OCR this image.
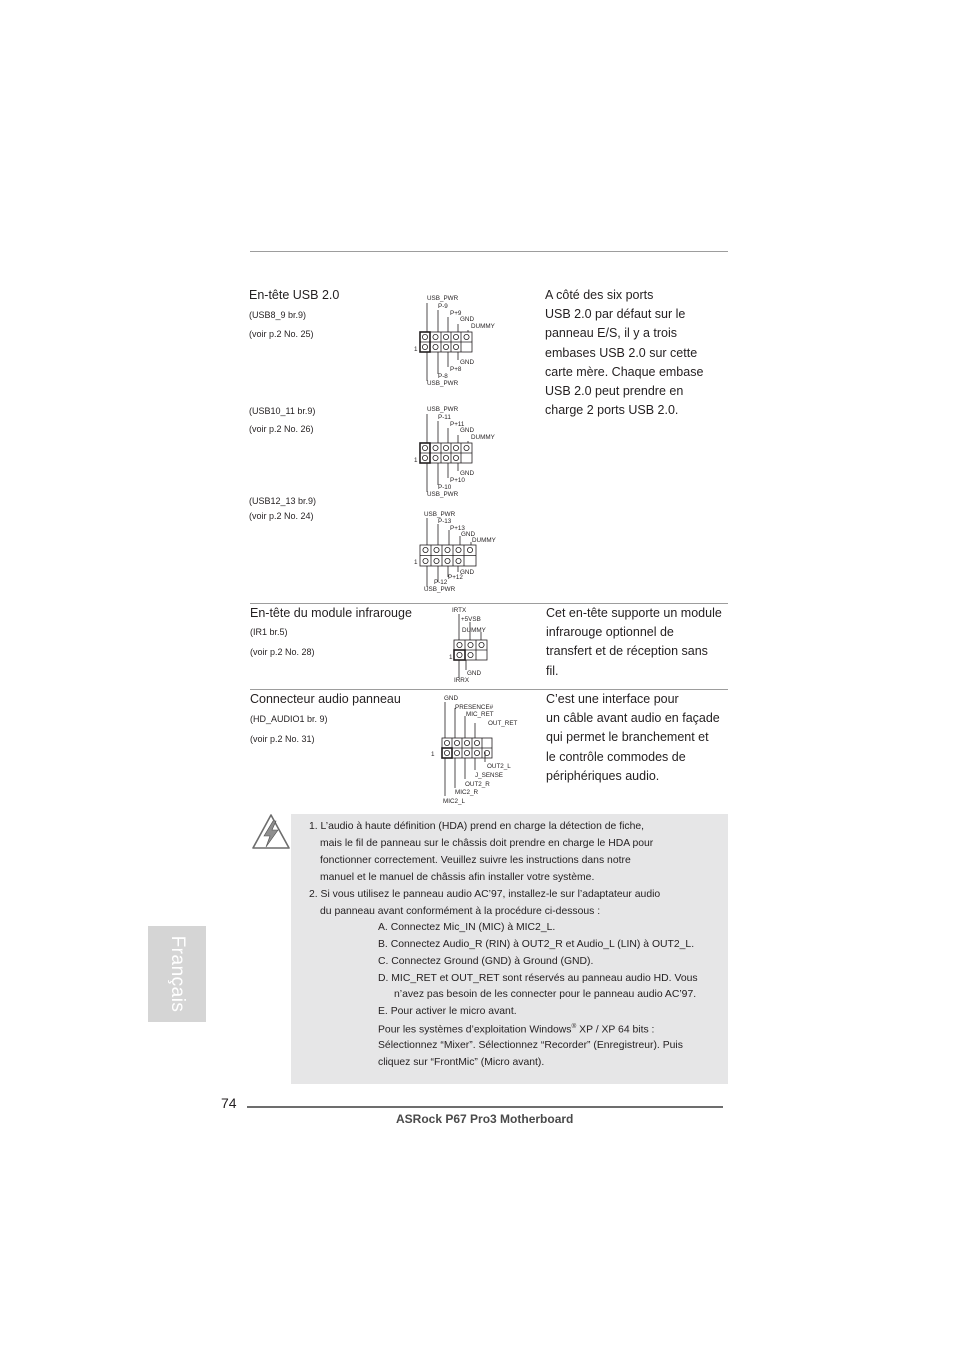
En-tête USB 2.0
(USB8_9 br.9)
(voir p.2 No. 25)
(USB10_11 br.9)
(voir p.2 No. 26)
(USB12_13 br.9)
(voir p.2 No. 24)
A côté des six ports
USB 2.0 par défaut sur le
panneau E/S, il y a trois
embases USB 2.0 sur cette
carte mère. Chaque embase
USB 2.0 peut prendre en
charge 2 ports USB 2.0.
USB_PWR
P-9
P+9
GND
DUMMY
1
GND
P+8
P-8
USB_PWR
USB_PWR
P-11
P+11
GND
DUMMY
1
GND
P+10
P-10
USB_PWR
USB_PWR
P-13
P+13
GND
DUMMY
1
GND
P+12
P-12
USB_PWR
En-tête du module infrarouge
(IR1 br.5)
(voir p.2 No. 28)
Cet en-tête supporte un module
infrarouge optionnel de
transfert et de réception sans
fil.
IRTX
+5VSB
DUMMY
1
GND
IRRX
Connecteur audio panneau
(HD_AUDIO1 br. 9)
(voir p.2 No. 31)
C’est une interface pour
un câble avant audio en façade
qui permet le branchement et
le contrôle commodes de
périphériques audio.
GND
PRESENCE#
MIC_RET
OUT_RET
1
OUT2_L
J_SENSE
OUT2_R
MIC2_R
MIC2_L
1. L’audio à haute définition (HDA) prend en charge la détection de fiche,
mais le fil de panneau sur le châssis doit prendre en charge le HDA pour
fonctionner correctement. Veuillez suivre les instructions dans notre
manuel et le manuel de châssis afin installer votre système.
2. Si vous utilisez le panneau audio AC’97, installez-le sur l’adaptateur audio
du panneau avant conformément à la procédure ci-dessous :
A. Connectez Mic_IN (MIC) à MIC2_L.
B. Connectez Audio_R (RIN) à OUT2_R et Audio_L (LIN) à OUT2_L.
C. Connectez Ground (GND) à Ground (GND).
D. MIC_RET et OUT_RET sont réservés au panneau audio HD. Vous
n’avez pas besoin de les connecter pour le panneau audio AC’97.
E. Pour activer le micro avant.
Pour les systèmes d’exploitation Windows® XP / XP 64 bits :
Sélectionnez “Mixer”. Sélectionnez “Recorder” (Enregistreur). Puis
cliquez sur “FrontMic” (Micro avant).
Français
74
ASRock P67 Pro3 Motherboard
